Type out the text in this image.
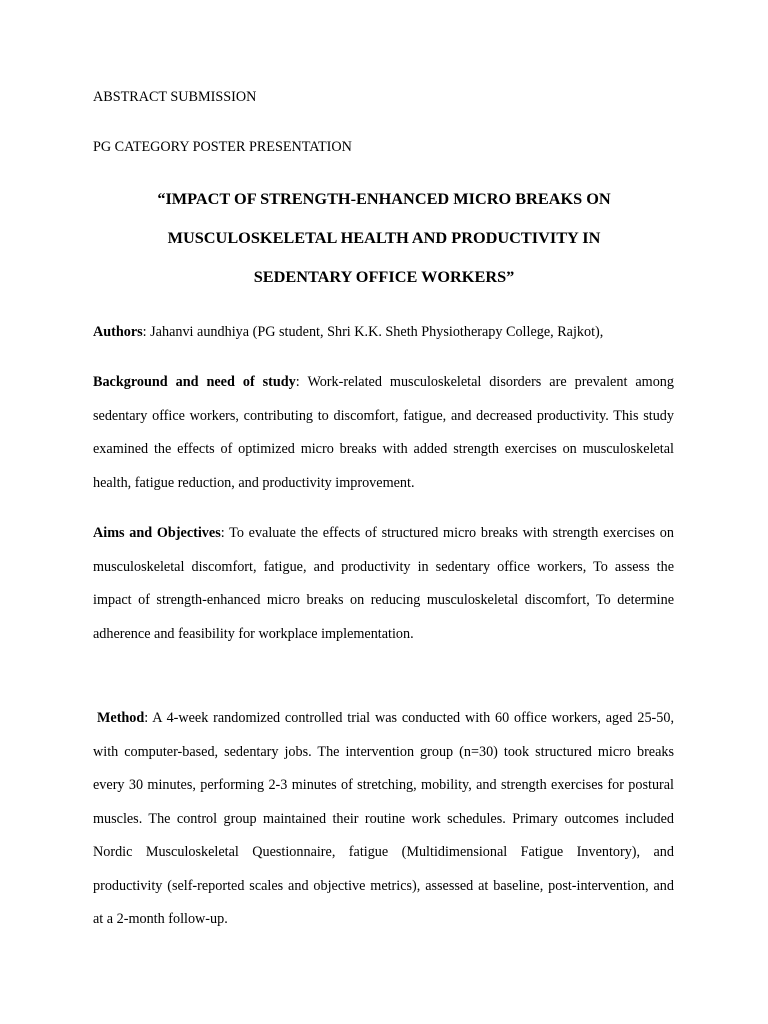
ABSTRACT SUBMISSION
PG CATEGORY POSTER PRESENTATION
“IMPACT OF STRENGTH-ENHANCED MICRO BREAKS ON
MUSCULOSKELETAL HEALTH AND PRODUCTIVITY IN
SEDENTARY OFFICE WORKERS”
Authors: Jahanvi aundhiya (PG student, Shri K.K. Sheth Physiotherapy College, Rajkot),
Background and need of study: Work-related musculoskeletal disorders are prevalent among sedentary office workers, contributing to discomfort, fatigue, and decreased productivity. This study examined the effects of optimized micro breaks with added strength exercises on musculoskeletal health, fatigue reduction, and productivity improvement.
Aims and Objectives: To evaluate the effects of structured micro breaks with strength exercises on musculoskeletal discomfort, fatigue, and productivity in sedentary office workers, To assess the impact of strength-enhanced micro breaks on reducing musculoskeletal discomfort, To determine adherence and feasibility for workplace implementation.
Method: A 4-week randomized controlled trial was conducted with 60 office workers, aged 25-50, with computer-based, sedentary jobs. The intervention group (n=30) took structured micro breaks every 30 minutes, performing 2-3 minutes of stretching, mobility, and strength exercises for postural muscles. The control group maintained their routine work schedules. Primary outcomes included Nordic Musculoskeletal Questionnaire, fatigue (Multidimensional Fatigue Inventory), and productivity (self-reported scales and objective metrics), assessed at baseline, post-intervention, and at a 2-month follow-up.
